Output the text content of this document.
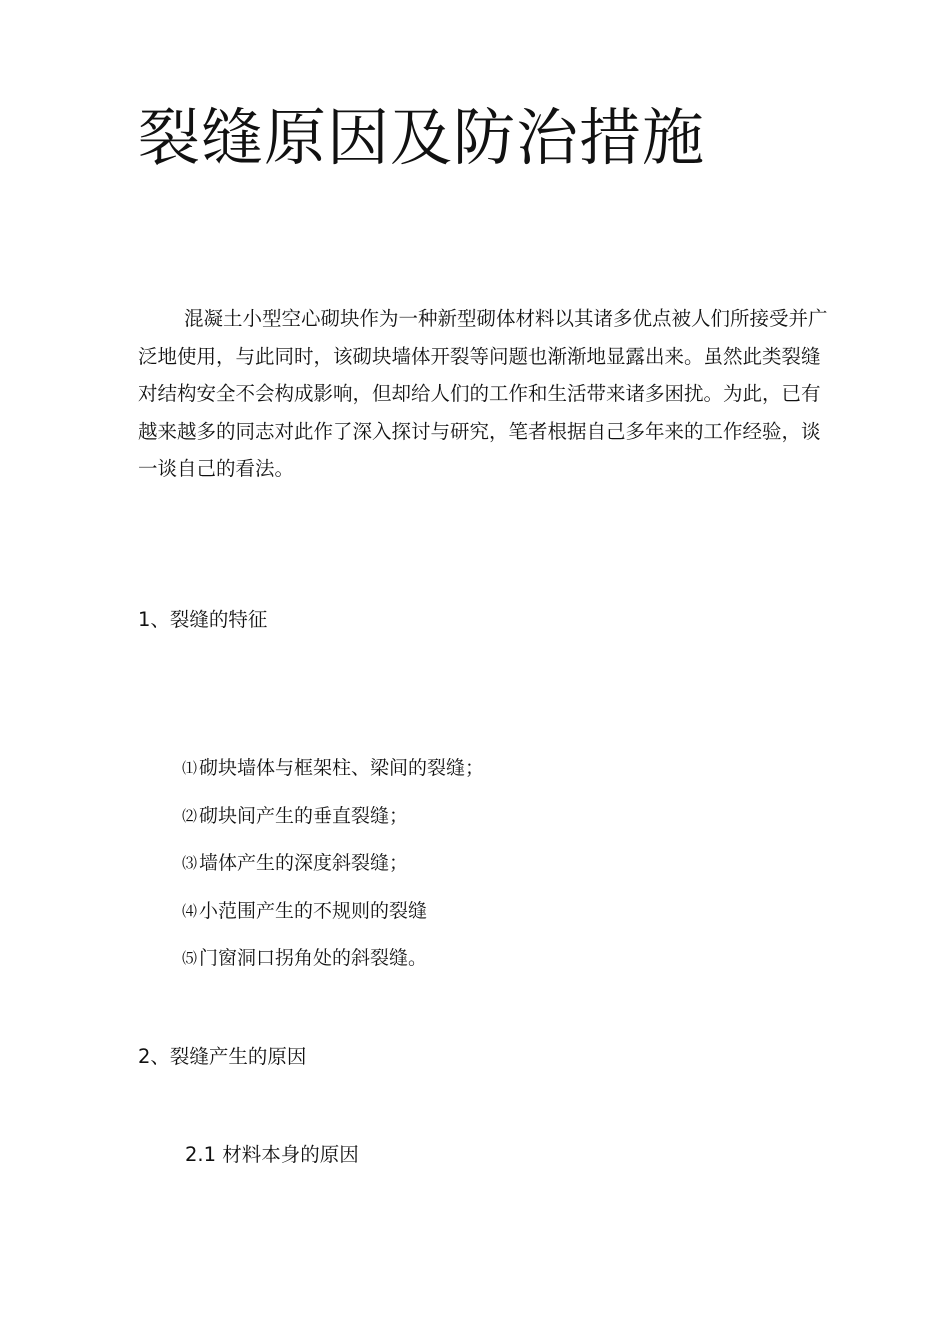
裂缝原因及防治措施

混凝土小型空心砌块作为一种新型砌体材料以其诸多优点被人们所接受并广泛地使用，与此同时，该砌块墙体开裂等问题也渐渐地显露出来。虽然此类裂缝对结构安全不会构成影响，但却给人们的工作和生活带来诸多困扰。为此，已有越来越多的同志对此作了深入探讨与研究，笔者根据自己多年来的工作经验，谈一谈自己的看法。

1、裂缝的特征
⑴ 砌块墙体与框架柱、梁间的裂缝；
⑵ 砌块间产生的垂直裂缝；
⑶ 墙体产生的深度斜裂缝；
⑷ 小范围产生的不规则的裂缝
⑸ 门窗洞口拐角处的斜裂缝。
2、裂缝产生的原因
2.1 材料本身的原因
